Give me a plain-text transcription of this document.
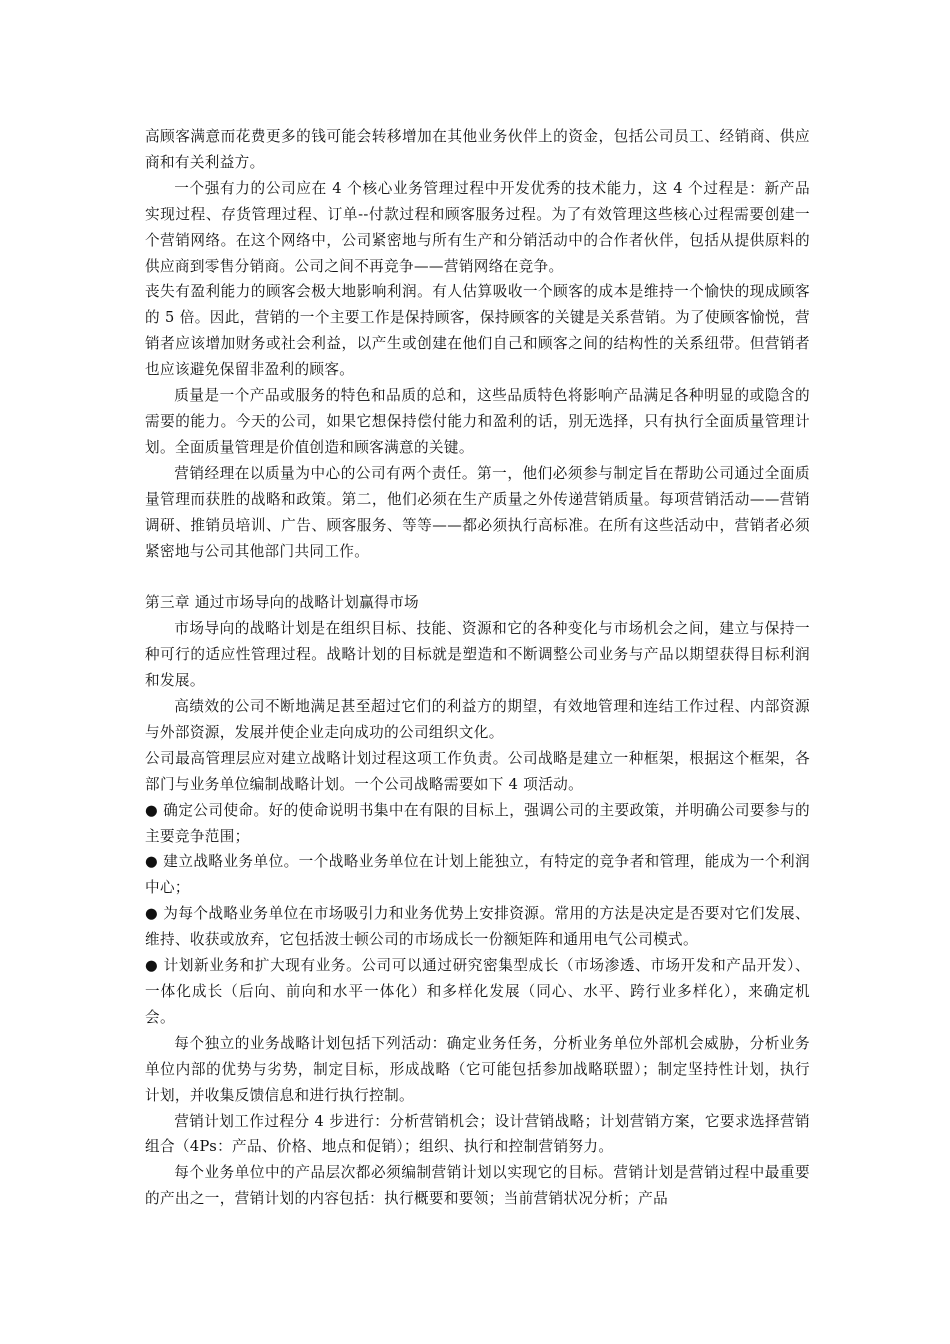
高顾客满意而花费更多的钱可能会转移增加在其他业务伙伴上的资金，包括公司员工、经销商、供应商和有关利益方。

一个强有力的公司应在 4 个核心业务管理过程中开发优秀的技术能力，这 4 个过程是：新产品实现过程、存货管理过程、订单--付款过程和顾客服务过程。为了有效管理这些核心过程需要创建一个营销网络。在这个网络中，公司紧密地与所有生产和分销活动中的合作者伙伴，包括从提供原料的供应商到零售分销商。公司之间不再竞争——营销网络在竞争。

丧失有盈利能力的顾客会极大地影响利润。有人估算吸收一个顾客的成本是维持一个愉快的现成顾客的 5 倍。因此，营销的一个主要工作是保持顾客，保持顾客的关键是关系营销。为了使顾客愉悦，营销者应该增加财务或社会利益，以产生或创建在他们自己和顾客之间的结构性的关系纽带。但营销者也应该避免保留非盈利的顾客。

质量是一个产品或服务的特色和品质的总和，这些品质特色将影响产品满足各种明显的或隐含的需要的能力。今天的公司，如果它想保持偿付能力和盈利的话，别无选择，只有执行全面质量管理计划。全面质量管理是价值创造和顾客满意的关键。

营销经理在以质量为中心的公司有两个责任。第一，他们必须参与制定旨在帮助公司通过全面质量管理而获胜的战略和政策。第二，他们必须在生产质量之外传递营销质量。每项营销活动——营销调研、推销员培训、广告、顾客服务、等等——都必须执行高标准。在所有这些活动中，营销者必须紧密地与公司其他部门共同工作。

第三章 通过市场导向的战略计划赢得市场

市场导向的战略计划是在组织目标、技能、资源和它的各种变化与市场机会之间，建立与保持一种可行的适应性管理过程。战略计划的目标就是塑造和不断调整公司业务与产品以期望获得目标利润和发展。

高绩效的公司不断地满足甚至超过它们的利益方的期望，有效地管理和连结工作过程、内部资源与外部资源，发展并使企业走向成功的公司组织文化。

公司最高管理层应对建立战略计划过程这项工作负责。公司战略是建立一种框架，根据这个框架，各部门与业务单位编制战略计划。一个公司战略需要如下 4 项活动。

● 确定公司使命。好的使命说明书集中在有限的目标上，强调公司的主要政策，并明确公司要参与的主要竞争范围；

● 建立战略业务单位。一个战略业务单位在计划上能独立，有特定的竞争者和管理，能成为一个利润中心；

● 为每个战略业务单位在市场吸引力和业务优势上安排资源。常用的方法是决定是否要对它们发展、维持、收获或放弃，它包括波士顿公司的市场成长一份额矩阵和通用电气公司模式。

● 计划新业务和扩大现有业务。公司可以通过研究密集型成长（市场渗透、市场开发和产品开发）、一体化成长（后向、前向和水平一体化）和多样化发展（同心、水平、跨行业多样化），来确定机会。

每个独立的业务战略计划包括下列活动：确定业务任务，分析业务单位外部机会威胁，分析业务单位内部的优势与劣势，制定目标，形成战略（它可能包括参加战略联盟）；制定坚持性计划，执行计划，并收集反馈信息和进行执行控制。

营销计划工作过程分 4 步进行：分析营销机会；设计营销战略；计划营销方案，它要求选择营销组合（4Ps：产品、价格、地点和促销）；组织、执行和控制营销努力。

每个业务单位中的产品层次都必须编制营销计划以实现它的目标。营销计划是营销过程中最重要的产出之一，营销计划的内容包括：执行概要和要领；当前营销状况分析；产品
